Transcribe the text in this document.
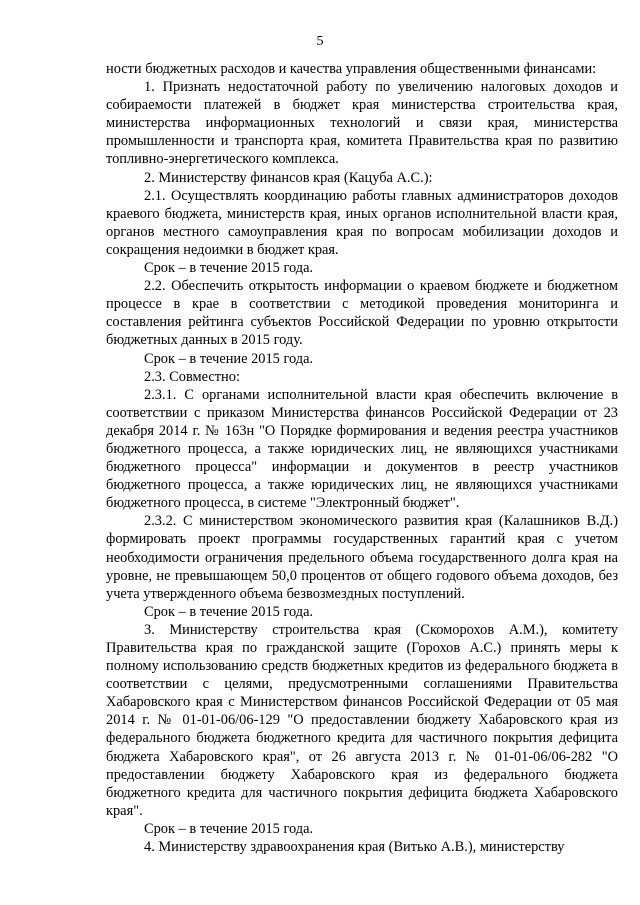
5

ности бюджетных расходов и качества управления общественными финансами:

1. Признать недостаточной работу по увеличению налоговых доходов и собираемости платежей в бюджет края министерства строительства края, министерства информационных технологий и связи края, министерства промышленности и транспорта края, комитета Правительства края по развитию топливно-энергетического комплекса.

2. Министерству финансов края (Кацуба А.С.):

2.1. Осуществлять координацию работы главных администраторов доходов краевого бюджета, министерств края, иных органов исполнительной власти края, органов местного самоуправления края по вопросам мобилизации доходов и сокращения недоимки в бюджет края.

Срок – в течение 2015 года.

2.2. Обеспечить открытость информации о краевом бюджете и бюджетном процессе в крае в соответствии с методикой проведения мониторинга и составления рейтинга субъектов Российской Федерации по уровню открытости бюджетных данных в 2015 году.

Срок – в течение 2015 года.

2.3. Совместно:

2.3.1. С органами исполнительной власти края обеспечить включение в соответствии с приказом Министерства финансов Российской Федерации от 23 декабря 2014 г. № 163н "О Порядке формирования и ведения реестра участников бюджетного процесса, а также юридических лиц, не являющихся участниками бюджетного процесса" информации и документов в реестр участников бюджетного процесса, а также юридических лиц, не являющихся участниками бюджетного процесса, в системе "Электронный бюджет".

2.3.2. С министерством экономического развития края (Калашников В.Д.) формировать проект программы государственных гарантий края с учетом необходимости ограничения предельного объема государственного долга края на уровне, не превышающем 50,0 процентов от общего годового объема доходов, без учета утвержденного объема безвозмездных поступлений.

Срок – в течение 2015 года.

3. Министерству строительства края (Скоморохов А.М.), комитету Правительства края по гражданской защите (Горохов А.С.) принять меры к полному использованию средств бюджетных кредитов из федерального бюджета в соответствии с целями, предусмотренными соглашениями Правительства Хабаровского края с Министерством финансов Российской Федерации от 05 мая 2014 г. № 01-01-06/06-129 "О предоставлении бюджету Хабаровского края из федерального бюджета бюджетного кредита для частичного покрытия дефицита бюджета Хабаровского края", от 26 августа 2013 г. № 01-01-06/06-282 "О предоставлении бюджету Хабаровского края из федерального бюджета бюджетного кредита для частичного покрытия дефицита бюджета Хабаровского края".

Срок – в течение 2015 года.

4. Министерству здравоохранения края (Витько А.В.), министерству
